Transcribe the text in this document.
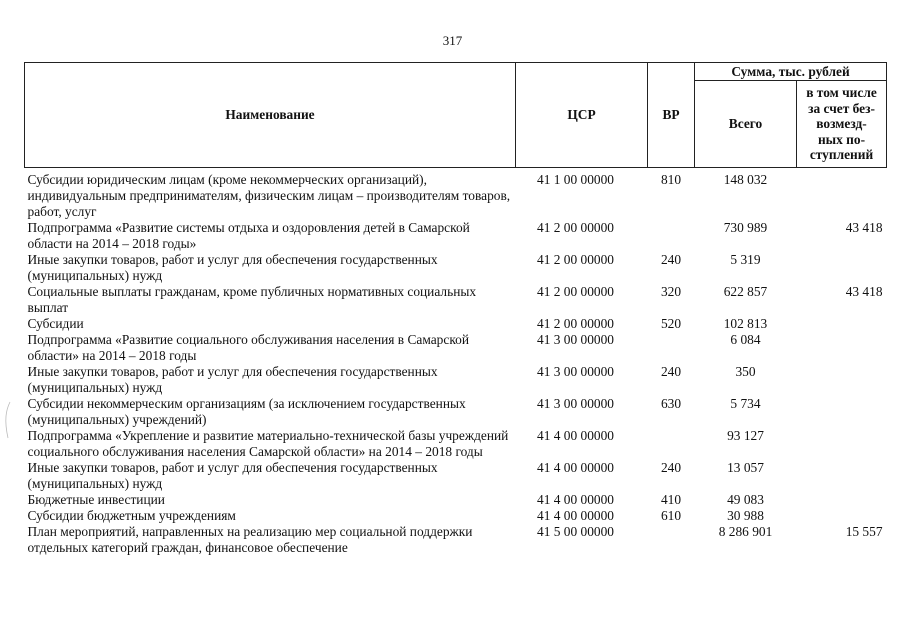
317
Наименование	ЦСР	ВР	Сумма, тыс. рублей	
			Всего	в том числе
за счет без-
возмезд-
ных по-
ступлений

Субсидии юридическим лицам (кроме некоммерческих организаций), индивидуальным предпринимателям, физическим лицам – производителям товаров, работ, услуг	41 1 00 00000	810	148 032	
Подпрограмма «Развитие системы отдыха и оздоровления детей в Самарской области на 2014 – 2018 годы»	41 2 00 00000		730 989	43 418
Иные закупки товаров, работ и услуг для обеспечения государственных (муниципальных) нужд	41 2 00 00000	240	5 319	
Социальные выплаты гражданам, кроме публичных нормативных социальных выплат	41 2 00 00000	320	622 857	43 418
Субсидии	41 2 00 00000	520	102 813	
Подпрограмма «Развитие социального обслуживания населения в Самарской области» на 2014 – 2018 годы	41 3 00 00000		6 084	
Иные закупки товаров, работ и услуг для обеспечения государственных (муниципальных) нужд	41 3 00 00000	240	350	
Субсидии некоммерческим организациям (за исключением государственных (муниципальных) учреждений)	41 3 00 00000	630	5 734	
Подпрограмма «Укрепление и развитие материально-технической базы учреждений социального обслуживания населения Самарской области» на 2014 – 2018 годы	41 4 00 00000		93 127	
Иные закупки товаров, работ и услуг для обеспечения государственных (муниципальных) нужд	41 4 00 00000	240	13 057	
Бюджетные инвестиции	41 4 00 00000	410	49 083	
Субсидии бюджетным учреждениям	41 4 00 00000	610	30 988	
План мероприятий, направленных на реализацию мер социальной поддержки отдельных категорий граждан, финансовое обеспечение	41 5 00 00000		8 286 901	15 557
